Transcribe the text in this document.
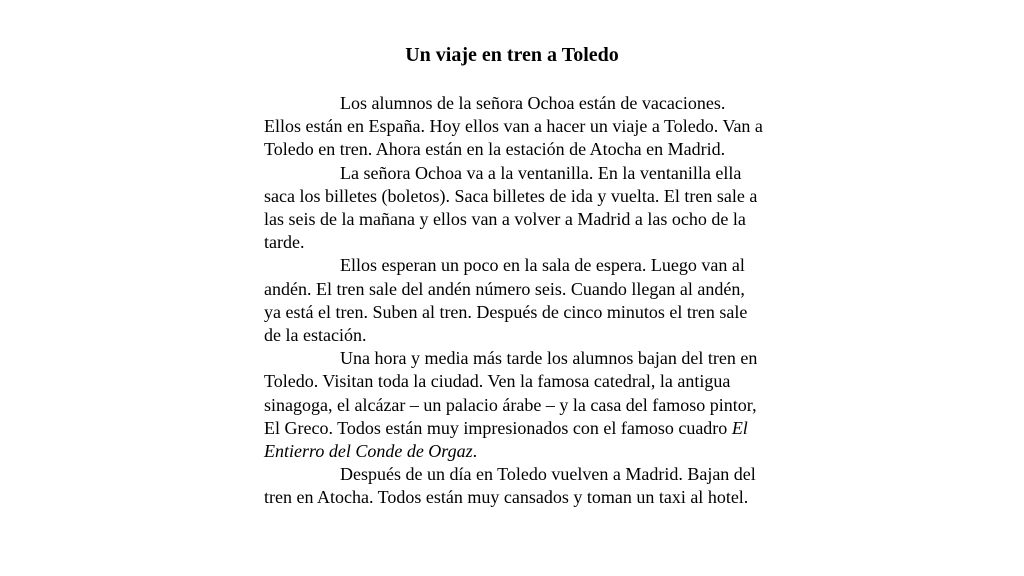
Un viaje en tren a Toledo

Los alumnos de la señora Ochoa están de vacaciones. Ellos están en España. Hoy ellos van a hacer un viaje a Toledo. Van a Toledo en tren. Ahora están en la estación de Atocha en Madrid.

La señora Ochoa va a la ventanilla. En la ventanilla ella saca los billetes (boletos). Saca billetes de ida y vuelta. El tren sale a las seis de la mañana y ellos van a volver a Madrid a las ocho de la tarde.

Ellos esperan un poco en la sala de espera. Luego van al andén. El tren sale del andén número seis. Cuando llegan al andén, ya está el tren. Suben al tren. Después de cinco minutos el tren sale de la estación.

Una hora y media más tarde los alumnos bajan del tren en Toledo. Visitan toda la ciudad. Ven la famosa catedral, la antigua sinagoga, el alcázar – un palacio árabe – y la casa del famoso pintor, El Greco. Todos están muy impresionados con el famoso cuadro El Entierro del Conde de Orgaz.

Después de un día en Toledo vuelven a Madrid. Bajan del tren en Atocha. Todos están muy cansados y toman un taxi al hotel.
